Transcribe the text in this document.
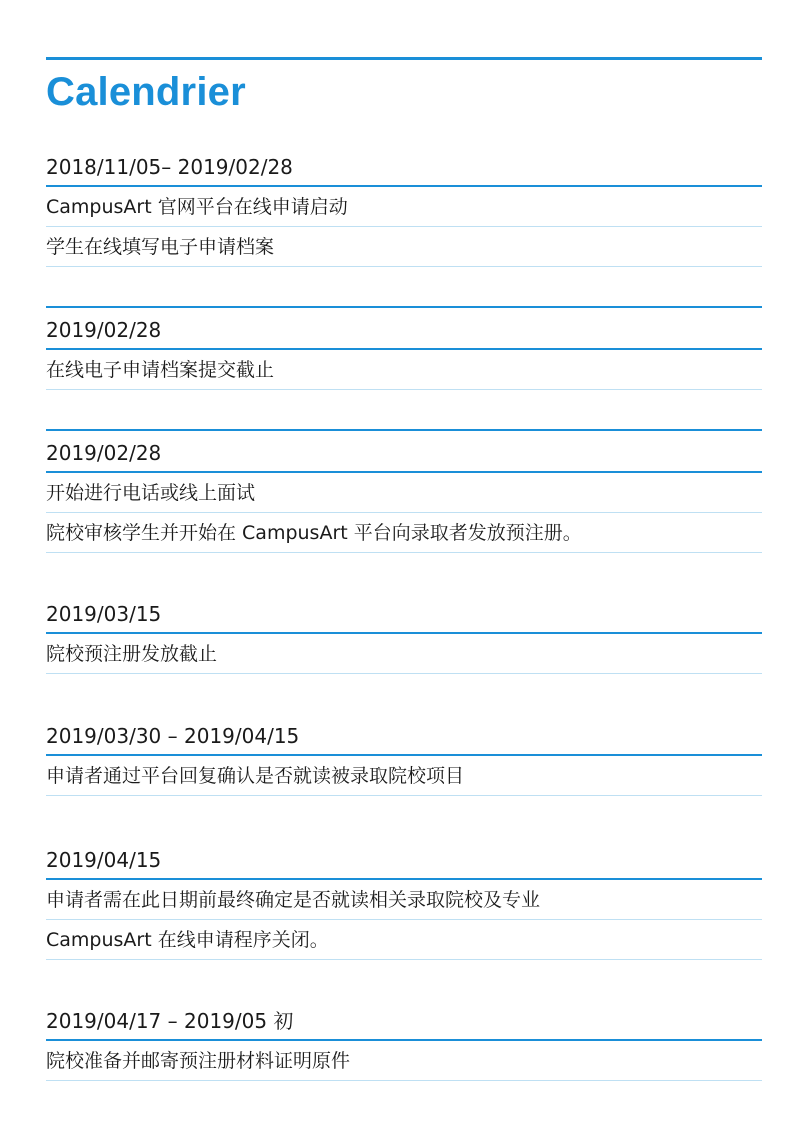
Calendrier
2018/11/05– 2019/02/28
CampusArt 官网平台在线申请启动
学生在线填写电子申请档案
2019/02/28
在线电子申请档案提交截止
2019/02/28
开始进行电话或线上面试
院校审核学生并开始在 CampusArt 平台向录取者发放预注册。
2019/03/15
院校预注册发放截止
2019/03/30 – 2019/04/15
申请者通过平台回复确认是否就读被录取院校项目
2019/04/15
申请者需在此日期前最终确定是否就读相关录取院校及专业
CampusArt 在线申请程序关闭。
2019/04/17 – 2019/05 初
院校准备并邮寄预注册材料证明原件
